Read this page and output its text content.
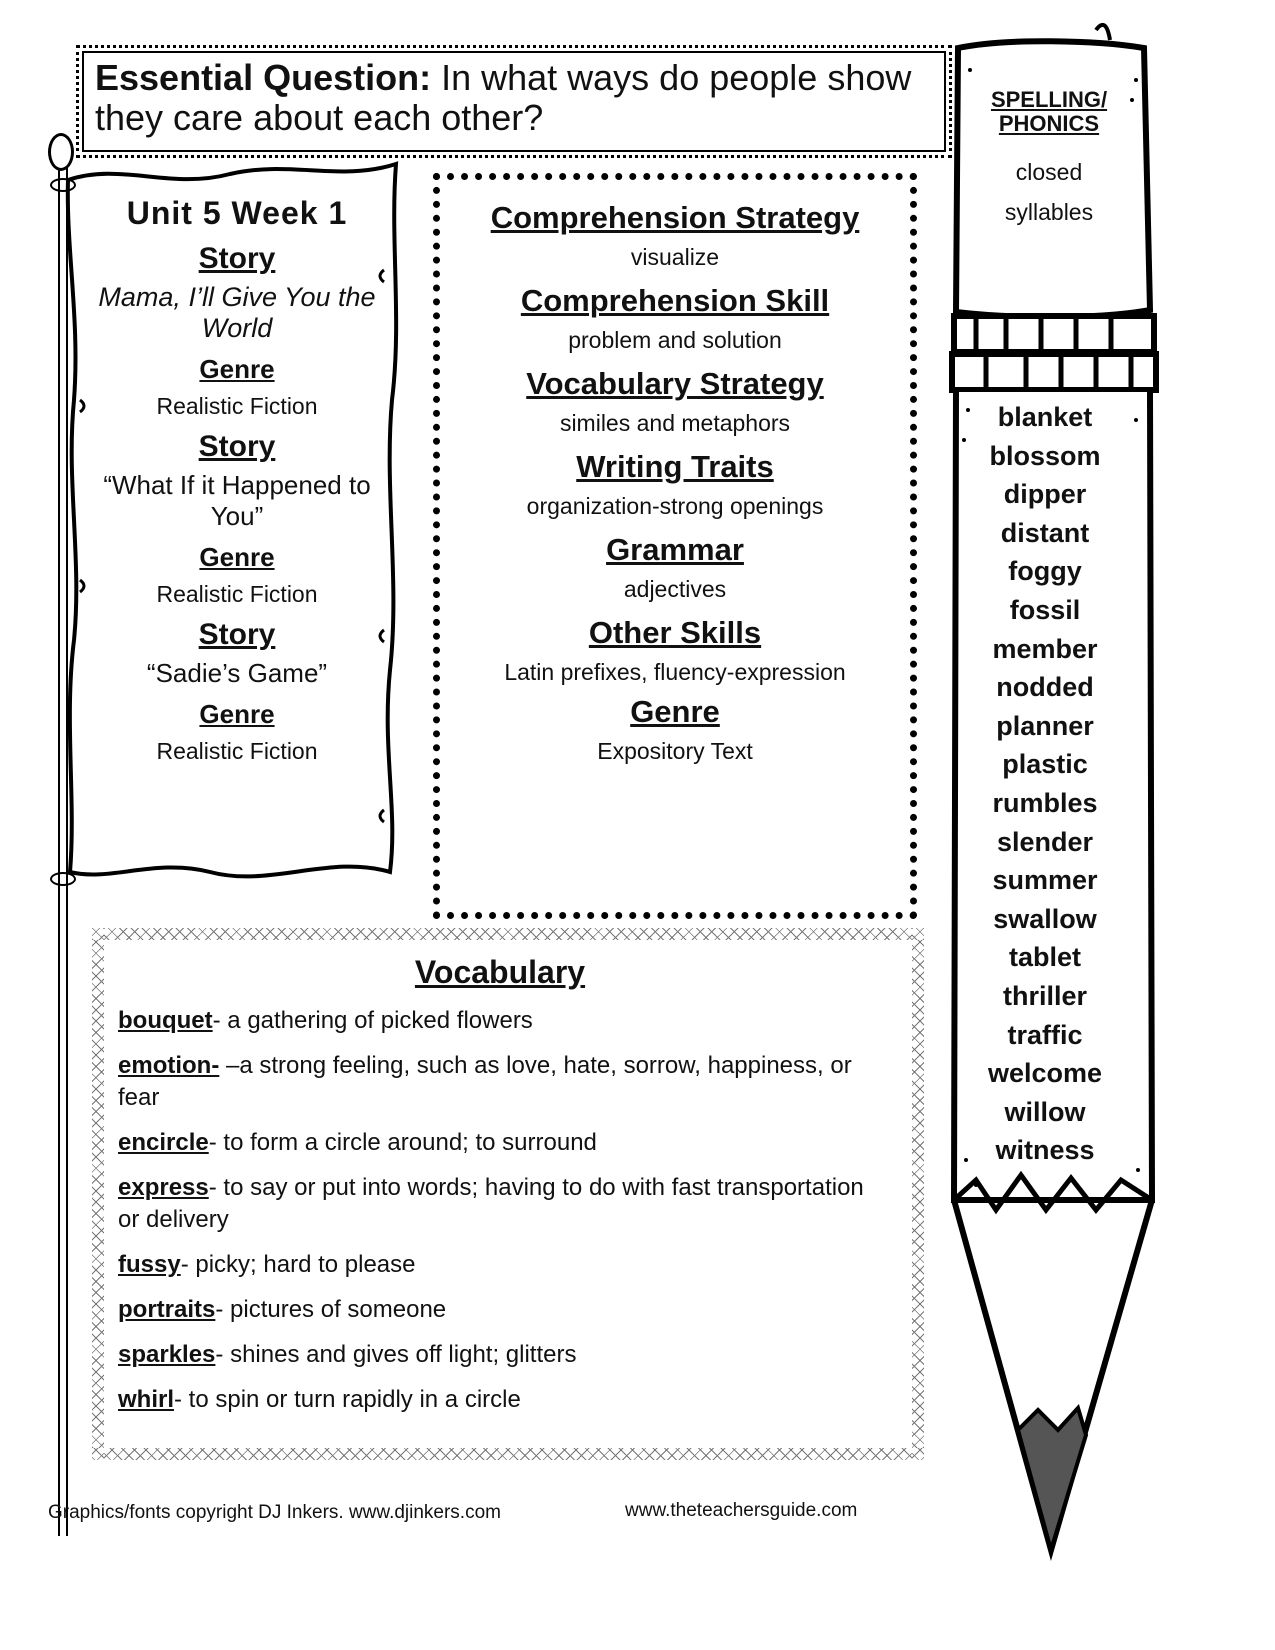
Essential Question: In what ways do people show they care about each other?
Unit 5 Week 1
Story
Mama, I’ll Give You the World
Genre
Realistic Fiction
Story
“What If it Happened to You”
Genre
Realistic Fiction
Story
“Sadie’s Game”
Genre
Realistic Fiction
Comprehension Strategy
visualize
Comprehension Skill
problem and solution
Vocabulary Strategy
similes and metaphors
Writing Traits
organization-strong openings
Grammar
adjectives
Other Skills
Latin prefixes, fluency-expression
Genre
Expository Text
Vocabulary
bouquet- a gathering of picked flowers
emotion- –a strong feeling, such as love, hate, sorrow, happiness, or fear
encircle- to form a circle around; to surround
express- to say or put into words; having to do with fast transportation or delivery
fussy- picky; hard to please
portraits- pictures of someone
sparkles- shines and gives off light; glitters
whirl- to spin or turn rapidly in a circle
SPELLING/ PHONICS
closed
syllables
blanket
blossom
dipper
distant
foggy
fossil
member
nodded
planner
plastic
rumbles
slender
summer
swallow
tablet
thriller
traffic
welcome
willow
witness
Graphics/fonts copyright DJ Inkers. www.djinkers.com	www.theteachersguide.com
